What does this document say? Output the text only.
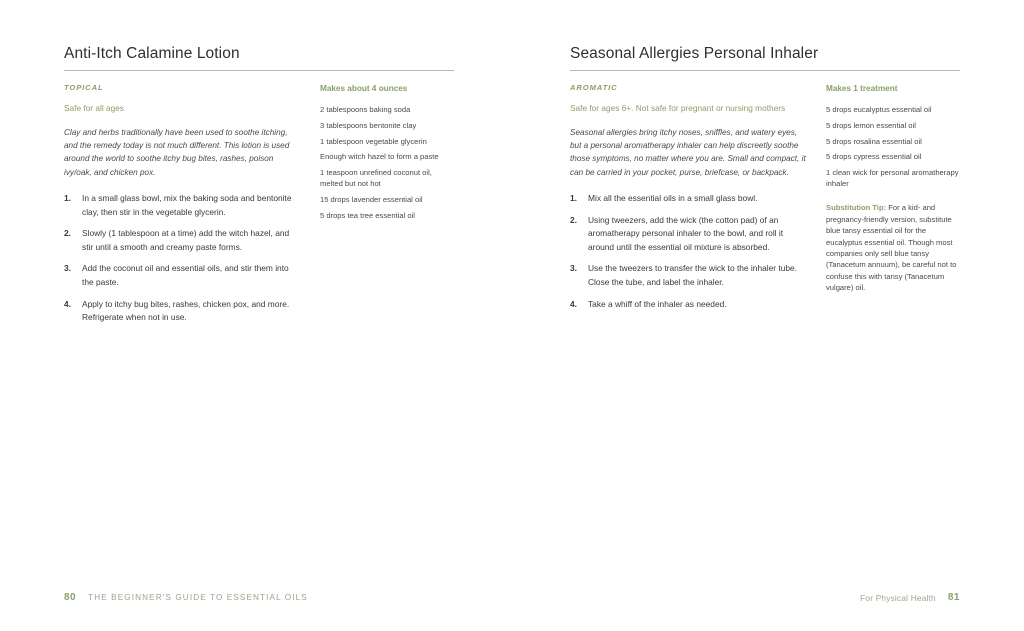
Anti-Itch Calamine Lotion
TOPICAL
Safe for all ages
Clay and herbs traditionally have been used to soothe itching, and the remedy today is not much different. This lotion is used around the world to soothe itchy bug bites, rashes, poison ivy/oak, and chicken pox.
1. In a small glass bowl, mix the baking soda and bentonite clay, then stir in the vegetable glycerin.
2. Slowly (1 tablespoon at a time) add the witch hazel, and stir until a smooth and creamy paste forms.
3. Add the coconut oil and essential oils, and stir them into the paste.
4. Apply to itchy bug bites, rashes, chicken pox, and more. Refrigerate when not in use.
Makes about 4 ounces
2 tablespoons baking soda
3 tablespoons bentonite clay
1 tablespoon vegetable glycerin
Enough witch hazel to form a paste
1 teaspoon unrefined coconut oil, melted but not hot
15 drops lavender essential oil
5 drops tea tree essential oil
80 THE BEGINNER'S GUIDE TO ESSENTIAL OILS
Seasonal Allergies Personal Inhaler
AROMATIC
Safe for ages 6+. Not safe for pregnant or nursing mothers
Seasonal allergies bring itchy noses, sniffles, and watery eyes, but a personal aromatherapy inhaler can help discreetly soothe those symptoms, no matter where you are. Small and compact, it can be carried in your pocket, purse, briefcase, or backpack.
1. Mix all the essential oils in a small glass bowl.
2. Using tweezers, add the wick (the cotton pad) of an aromatherapy personal inhaler to the bowl, and roll it around until the essential oil mixture is absorbed.
3. Use the tweezers to transfer the wick to the inhaler tube. Close the tube, and label the inhaler.
4. Take a whiff of the inhaler as needed.
Makes 1 treatment
5 drops eucalyptus essential oil
5 drops lemon essential oil
5 drops rosalina essential oil
5 drops cypress essential oil
1 clean wick for personal aromatherapy inhaler
Substitution Tip: For a kid- and pregnancy-friendly version, substitute blue tansy essential oil for the eucalyptus essential oil. Though most companies only sell blue tansy (Tanacetum annuum), be careful not to confuse this with tansy (Tanacetum vulgare) oil.
For Physical Health 81
